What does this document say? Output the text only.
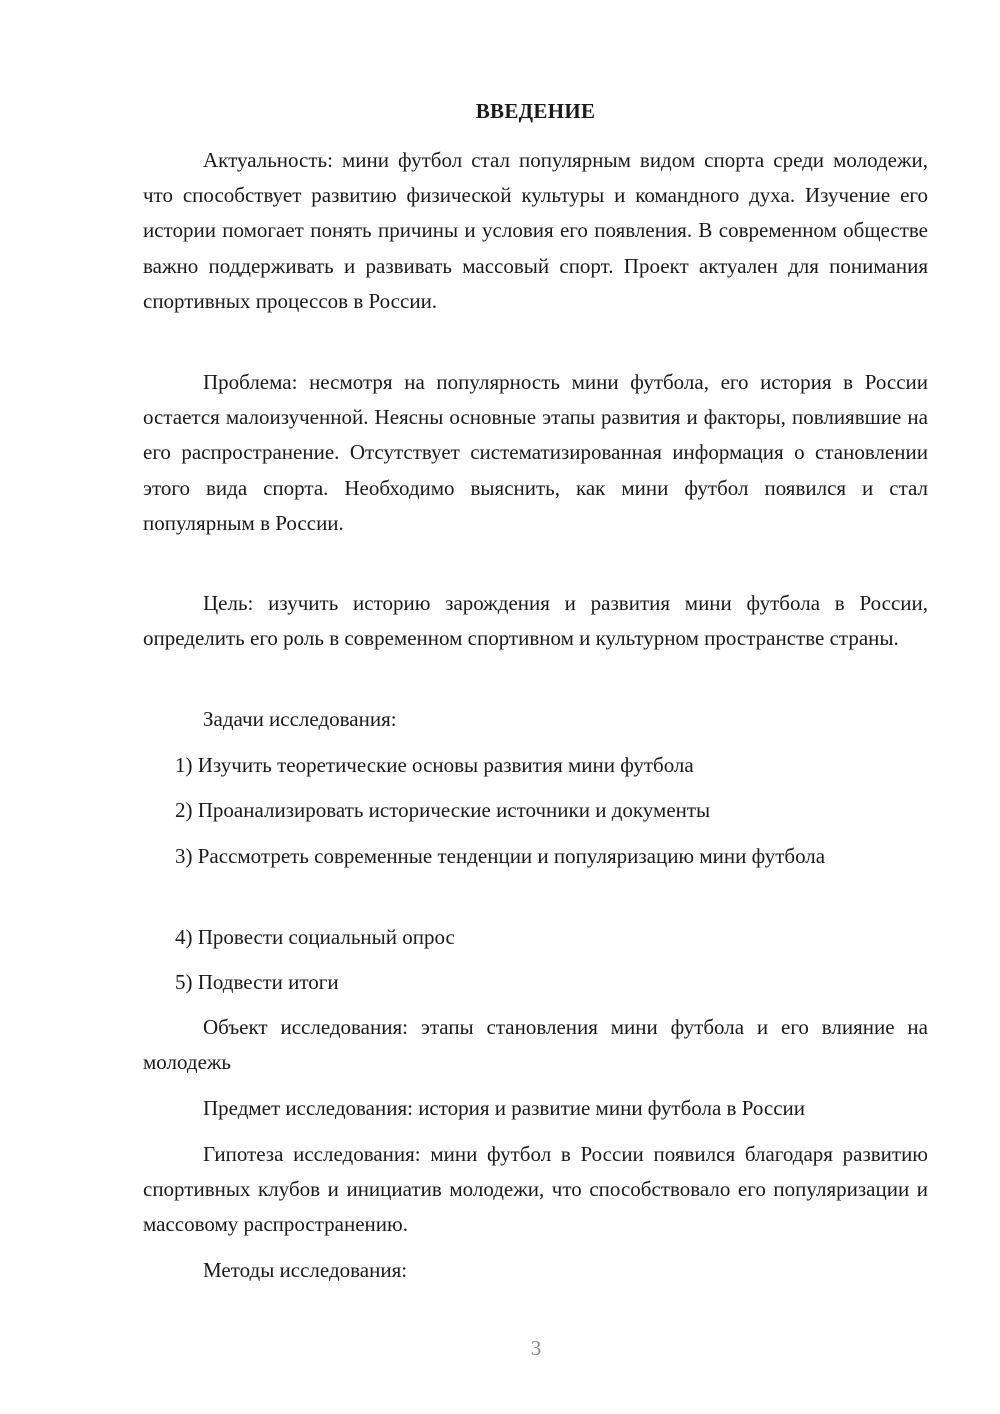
ВВЕДЕНИЕ

Актуальность: мини футбол стал популярным видом спорта среди молодежи, что способствует развитию физической культуры и командного духа. Изучение его истории помогает понять причины и условия его появления. В современном обществе важно поддерживать и развивать массовый спорт. Проект актуален для понимания спортивных процессов в России.

Проблема: несмотря на популярность мини футбола, его история в России остается малоизученной. Неясны основные этапы развития и факторы, повлиявшие на его распространение. Отсутствует систематизированная информация о становлении этого вида спорта. Необходимо выяснить, как мини футбол появился и стал популярным в России.

Цель: изучить историю зарождения и развития мини футбола в России, определить его роль в современном спортивном и культурном пространстве страны.

Задачи исследования:

1) Изучить теоретические основы развития мини футбола

2) Проанализировать исторические источники и документы

3) Рассмотреть современные тенденции и популяризацию мини футбола

4) Провести социальный опрос

5) Подвести итоги

Объект исследования: этапы становления мини футбола и его влияние на молодежь

Предмет исследования: история и развитие мини футбола в России

Гипотеза исследования: мини футбол в России появился благодаря развитию спортивных клубов и инициатив молодежи, что способствовало его популяризации и массовому распространению.

Методы исследования:

3
